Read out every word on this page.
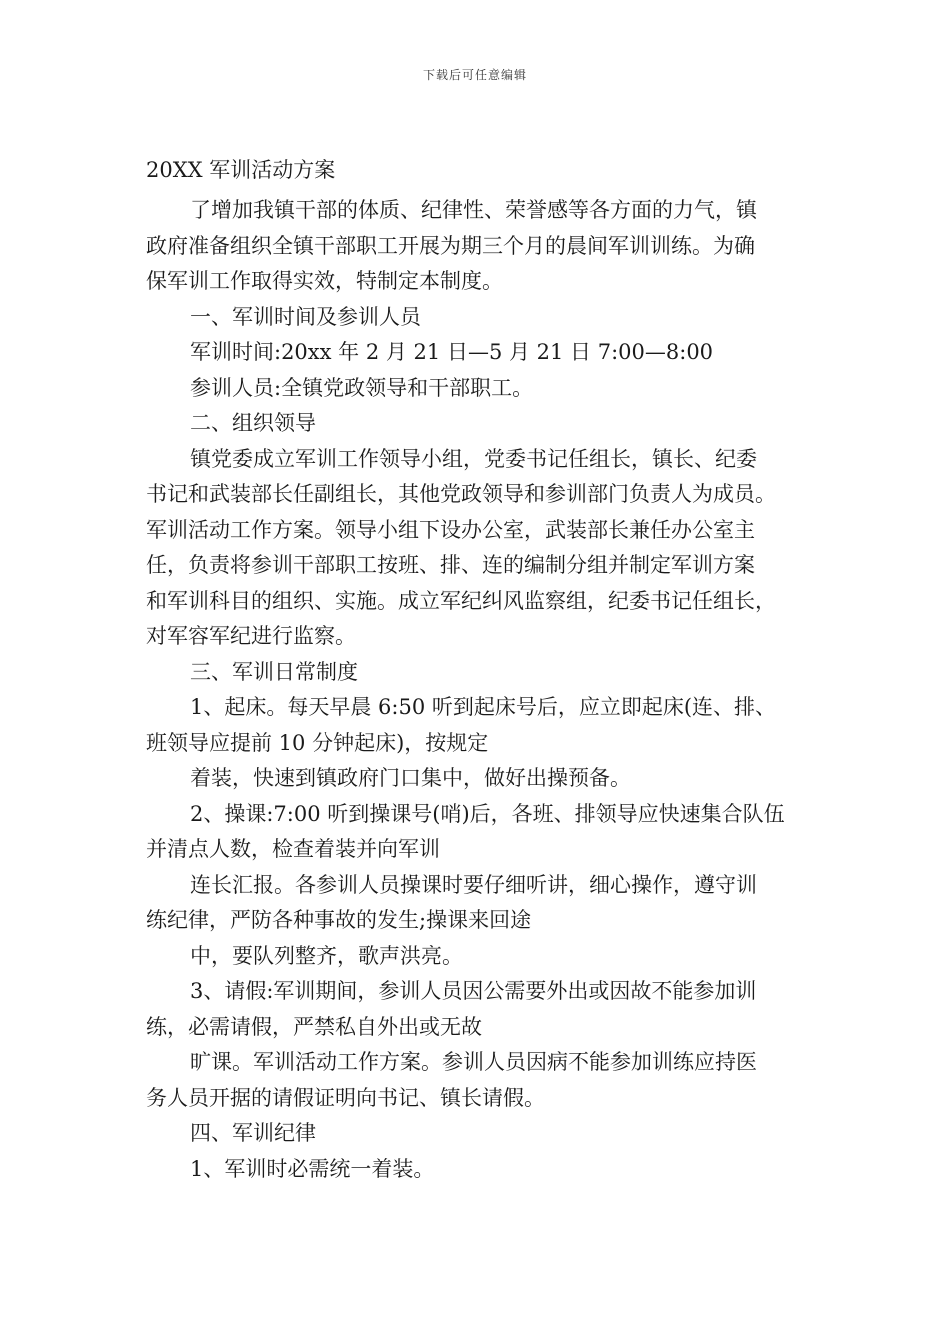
下载后可任意编辑
20XX 军训活动方案
了增加我镇干部的体质、纪律性、荣誉感等各方面的力气，镇
政府准备组织全镇干部职工开展为期三个月的晨间军训训练。为确
保军训工作取得实效，特制定本制度。
一、军训时间及参训人员
军训时间:20xx 年 2 月 21 日—5 月 21 日 7:00—8:00
参训人员:全镇党政领导和干部职工。
二、组织领导
镇党委成立军训工作领导小组，党委书记任组长，镇长、纪委
书记和武装部长任副组长，其他党政领导和参训部门负责人为成员。
军训活动工作方案。领导小组下设办公室，武装部长兼任办公室主
任，负责将参训干部职工按班、排、连的编制分组并制定军训方案
和军训科目的组织、实施。成立军纪纠风监察组，纪委书记任组长，
对军容军纪进行监察。
三、军训日常制度
1、起床。每天早晨 6:50 听到起床号后，应立即起床(连、排、
班领导应提前 10 分钟起床)，按规定
着装，快速到镇政府门口集中，做好出操预备。
2、操课:7:00 听到操课号(哨)后，各班、排领导应快速集合队伍
并清点人数，检查着装并向军训
连长汇报。各参训人员操课时要仔细听讲，细心操作，遵守训
练纪律，严防各种事故的发生;操课来回途
中，要队列整齐，歌声洪亮。
3、请假:军训期间，参训人员因公需要外出或因故不能参加训
练，必需请假，严禁私自外出或无故
旷课。军训活动工作方案。参训人员因病不能参加训练应持医
务人员开据的请假证明向书记、镇长请假。
四、军训纪律
1、军训时必需统一着装。
